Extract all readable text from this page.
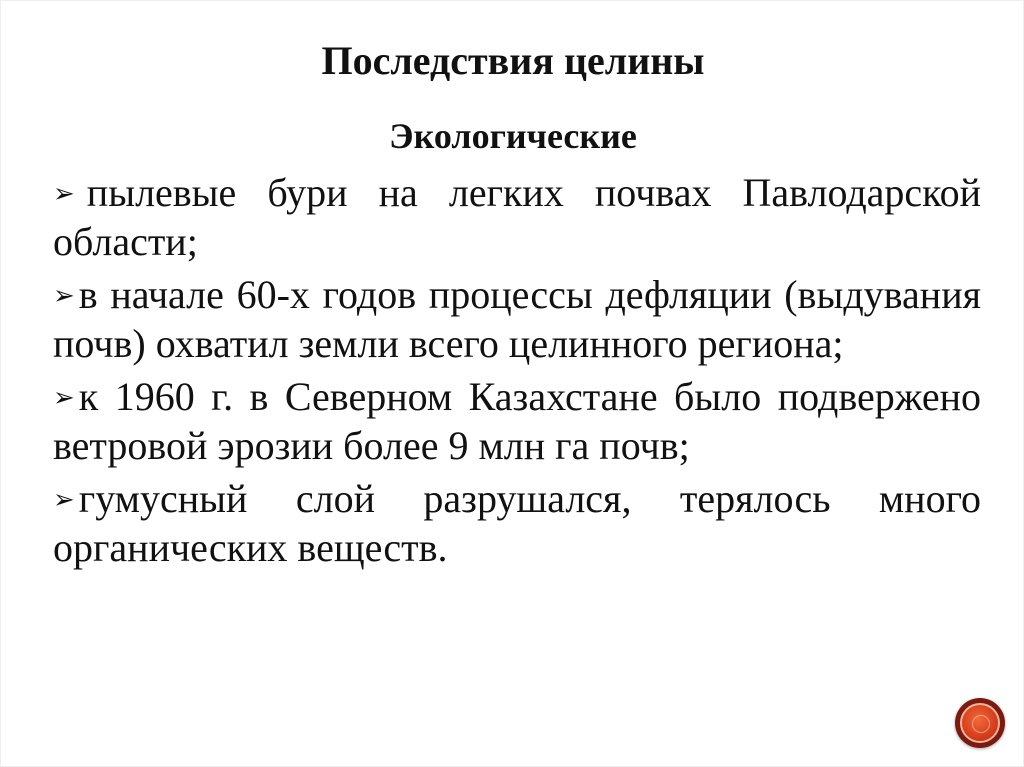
Последствия целины
Экологические
➢ пылевые бури на легких почвах Павлодарской области;
➢ в начале 60-х годов процессы дефляции (выдувания почв) охватил земли всего целинного региона;
➢ к 1960 г. в Северном Казахстане было подвержено ветровой эрозии более 9 млн га почв;
➢ гумусный слой разрушался, терялось много органических веществ.
